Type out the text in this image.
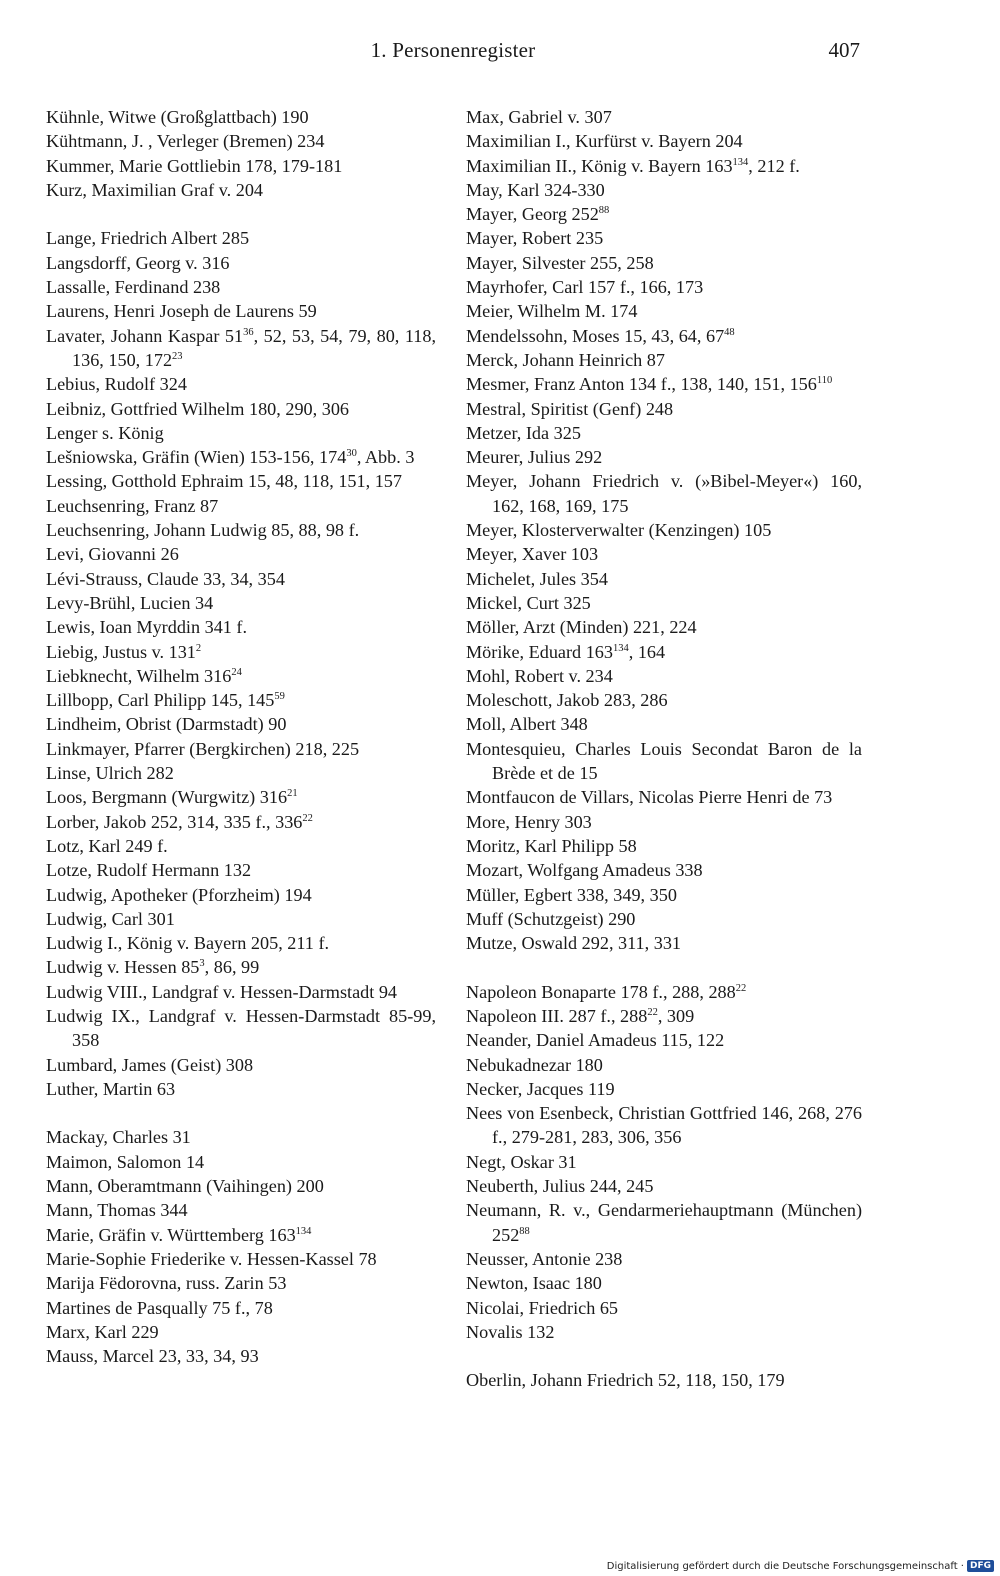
1. Personenregister	407

Kühnle, Witwe (Großglattbach) 190

Kühtmann, J. , Verleger (Bremen) 234

Kummer, Marie Gottliebin 178, 179-181

Kurz, Maximilian Graf v. 204

Lange, Friedrich Albert 285

Langsdorff, Georg v. 316

Lassalle, Ferdinand 238

Laurens, Henri Joseph de Laurens 59

Lavater, Johann Kaspar $51^{36}$, 52, 53, 54, 79, 80, 118, 136, 150, $172^{23}$

Lebius, Rudolf 324

Leibniz, Gottfried Wilhelm 180, 290, 306

Lenger s. König

Lešniowska, Gräfin (Wien) 153-156, $174^{30}$, Abb. 3

Lessing, Gotthold Ephraim 15, 48, 118, 151, 157

Leuchsenring, Franz 87

Leuchsenring, Johann Ludwig 85, 88, 98 f.

Levi, Giovanni 26

Lévi-Strauss, Claude 33, 34, 354

Levy-Brühl, Lucien 34

Lewis, Ioan Myrddin 341 f.

Liebig, Justus v. $131^2$

Liebknecht, Wilhelm $316^{24}$

Lillbopp, Carl Philipp 145, $145^{59}$

Lindheim, Obrist (Darmstadt) 90

Linkmayer, Pfarrer (Bergkirchen) 218, 225

Linse, Ulrich 282

Loos, Bergmann (Wurgwitz) $316^{21}$

Lorber, Jakob 252, 314, 335 f., $336^{22}$

Lotz, Karl 249 f.

Lotze, Rudolf Hermann 132

Ludwig, Apotheker (Pforzheim) 194

Ludwig, Carl 301

Ludwig I., König v. Bayern 205, 211 f.

Ludwig v. Hessen $85^3$, 86, 99

Ludwig VIII., Landgraf v. Hessen-Darmstadt 94

Ludwig IX., Landgraf v. Hessen-Darmstadt 85-99, 358

Lumbard, James (Geist) 308

Luther, Martin 63

Mackay, Charles 31

Maimon, Salomon 14

Mann, Oberamtmann (Vaihingen) 200

Mann, Thomas 344

Marie, Gräfin v. Württemberg $163^{134}$

Marie-Sophie Friederike v. Hessen-Kassel 78

Marija Fëdorovna, russ. Zarin 53

Martines de Pasqually 75 f., 78

Marx, Karl 229

Mauss, Marcel 23, 33, 34, 93

Max, Gabriel v. 307

Maximilian I., Kurfürst v. Bayern 204

Maximilian II., König v. Bayern $163^{134}$, 212 f.

May, Karl 324-330

Mayer, Georg $252^{88}$

Mayer, Robert 235

Mayer, Silvester 255, 258

Mayrhofer, Carl 157 f., 166, 173

Meier, Wilhelm M. 174

Mendelssohn, Moses 15, 43, 64, $67^{48}$

Merck, Johann Heinrich 87

Mesmer, Franz Anton 134 f., 138, 140, 151, $156^{110}$

Mestral, Spiritist (Genf) 248

Metzer, Ida 325

Meurer, Julius 292

Meyer, Johann Friedrich v. (»Bibel-Meyer«) 160, 162, 168, 169, 175

Meyer, Klosterverwalter (Kenzingen) 105

Meyer, Xaver 103

Michelet, Jules 354

Mickel, Curt 325

Möller, Arzt (Minden) 221, 224

Mörike, Eduard $163^{134}$, 164

Mohl, Robert v. 234

Moleschott, Jakob 283, 286

Moll, Albert 348

Montesquieu, Charles Louis Secondat Baron de la Brède et de 15

Montfaucon de Villars, Nicolas Pierre Henri de 73

More, Henry 303

Moritz, Karl Philipp 58

Mozart, Wolfgang Amadeus 338

Müller, Egbert 338, 349, 350

Muff (Schutzgeist) 290

Mutze, Oswald 292, 311, 331

Napoleon Bonaparte 178 f., 288, $288^{22}$

Napoleon III. 287 f., $288^{22}$, 309

Neander, Daniel Amadeus 115, 122

Nebukadnezar 180

Necker, Jacques 119

Nees von Esenbeck, Christian Gottfried 146, 268, 276 f., 279-281, 283, 306, 356

Negt, Oskar 31

Neuberth, Julius 244, 245

Neumann, R. v., Gendarmeriehauptmann (München) $252^{88}$

Neusser, Antonie 238

Newton, Isaac 180

Nicolai, Friedrich 65

Novalis 132

Oberlin, Johann Friedrich 52, 118, 150, 179

Digitalisierung gefördert durch die Deutsche Forschungsgemeinschaft · DFG
